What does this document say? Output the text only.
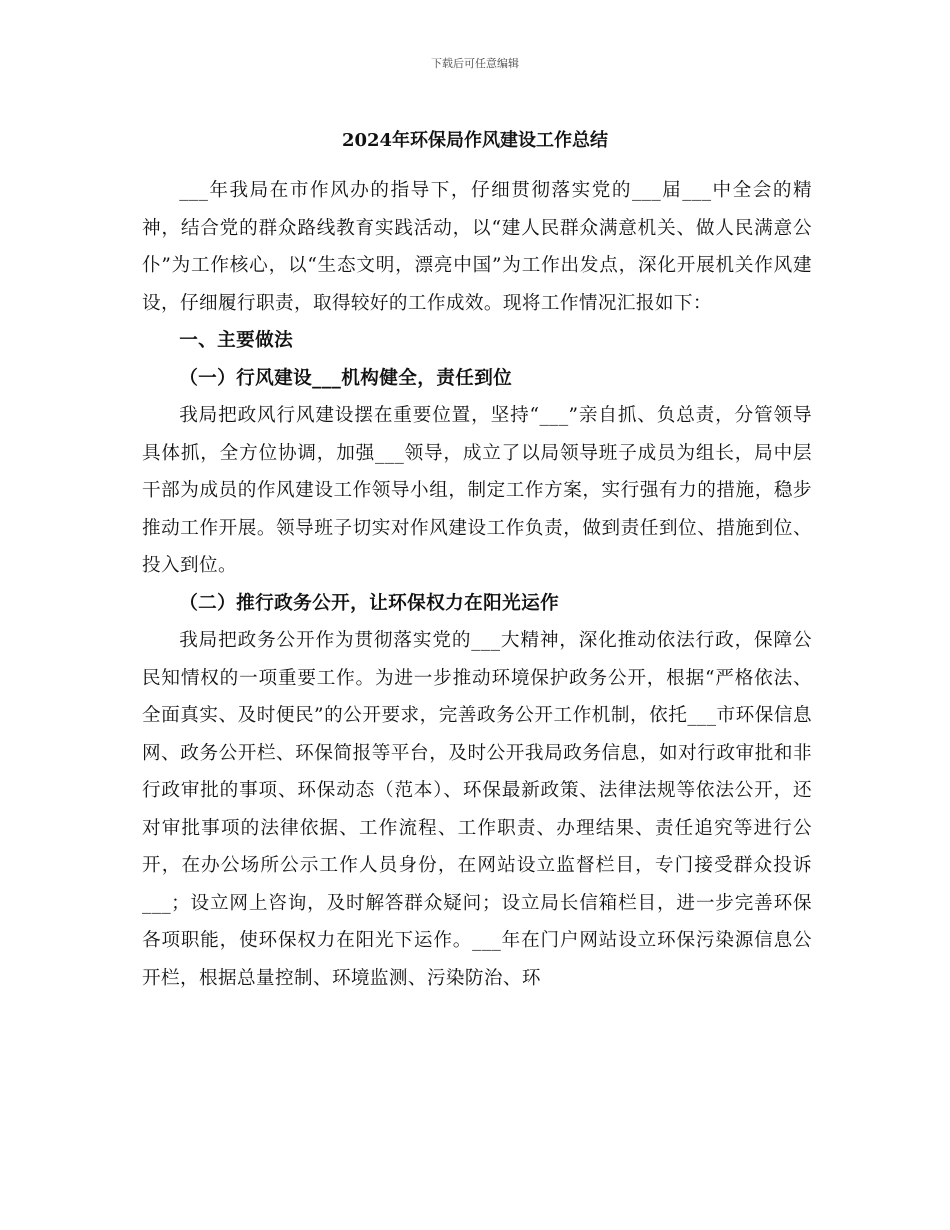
下载后可任意编辑
2024年环保局作风建设工作总结

___年我局在市作风办的指导下，仔细贯彻落实党的___届___中全会的精神，结合党的群众路线教育实践活动，以“建人民群众满意机关、做人民满意公仆”为工作核心，以“生态文明，漂亮中国”为工作出发点，深化开展机关作风建设，仔细履行职责，取得较好的工作成效。现将工作情况汇报如下：

一、主要做法

（一）行风建设___机构健全，责任到位

我局把政风行风建设摆在重要位置，坚持“___”亲自抓、负总责，分管领导具体抓，全方位协调，加强___领导，成立了以局领导班子成员为组长，局中层干部为成员的作风建设工作领导小组，制定工作方案，实行强有力的措施，稳步推动工作开展。领导班子切实对作风建设工作负责，做到责任到位、措施到位、投入到位。

（二）推行政务公开，让环保权力在阳光运作

我局把政务公开作为贯彻落实党的___大精神，深化推动依法行政，保障公民知情权的一项重要工作。为进一步推动环境保护政务公开，根据“严格依法、全面真实、及时便民”的公开要求，完善政务公开工作机制，依托___市环保信息网、政务公开栏、环保简报等平台，及时公开我局政务信息，如对行政审批和非行政审批的事项、环保动态（范本）、环保最新政策、法律法规等依法公开，还对审批事项的法律依据、工作流程、工作职责、办理结果、责任追究等进行公开，在办公场所公示工作人员身份，在网站设立监督栏目，专门接受群众投诉___；设立网上咨询，及时解答群众疑问；设立局长信箱栏目，进一步完善环保各项职能，使环保权力在阳光下运作。___年在门户网站设立环保污染源信息公开栏，根据总量控制、环境监测、污染防治、环
